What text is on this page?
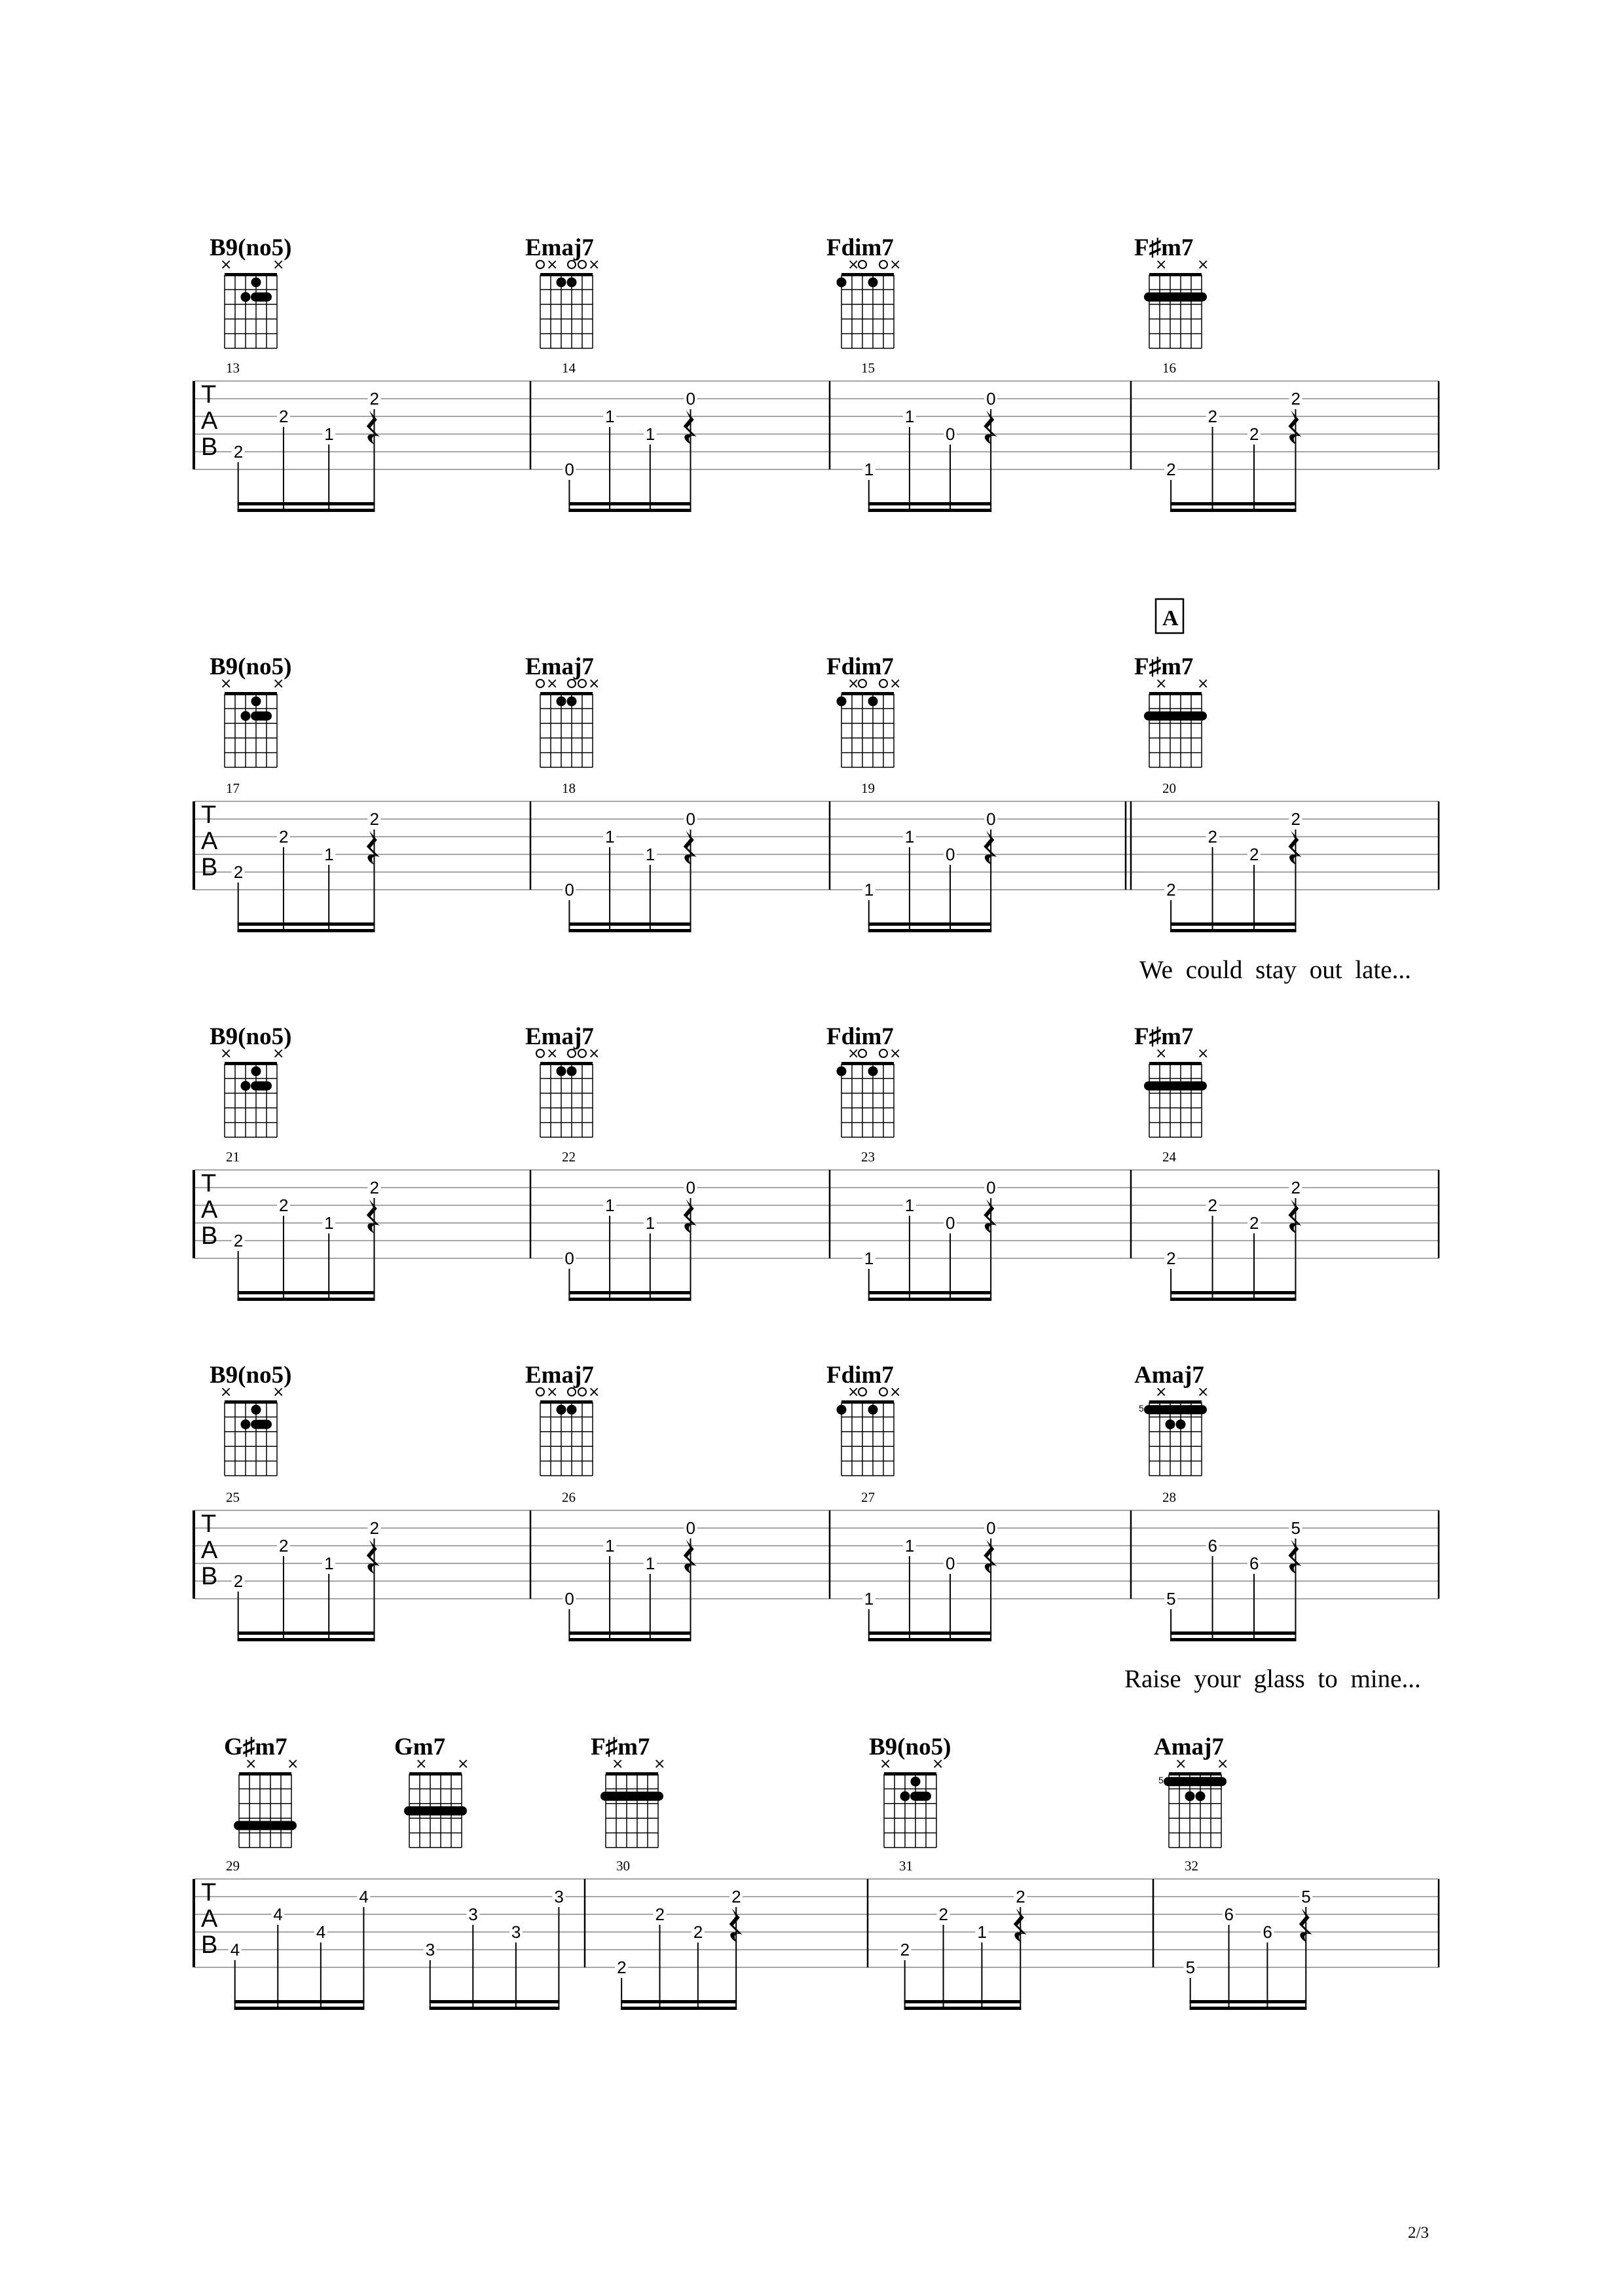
T
A
B
13
2
2
1
2
14
0
1
1
0
15
1
1
0
0
16
2
2
2
2
B9(no5)
×	×
Emaj7
× ×
Fdim7
× ×
F♯m7
× ×
A
T
A
B
17
2
2
1
2
18
0
1
1
0
19
1
1
0
0
20
2
2
2
2
We could stay out late...
B9(no5)
×	×
Emaj7
× ×
Fdim7
× ×
F♯m7
× ×
T
A
B
21
2
2
1
2
22
0
1
1
0
23
1
1
0
0
24
2
2
2
2
B9(no5)
×	×
Emaj7
× ×
Fdim7
× ×
F♯m7
× ×
T
A
B
25
2
2
1
2
26
0
1
1
0
27
1
1
0
0
28
5
6
6
5
Raise your glass to mine...
B9(no5)
×	×
Emaj7
× ×
Fdim7
× ×
Amaj7
× ×
5
T
A
B
29
4
4
4
4
3
3
3
3
30
2
2
2
2
31
2
2
1
2
32
5
6
6
5
G♯m7
× ×
Gm7
× ×
F♯m7
× ×
B9(no5)
×	×
Amaj7
× ×
5
2/3
